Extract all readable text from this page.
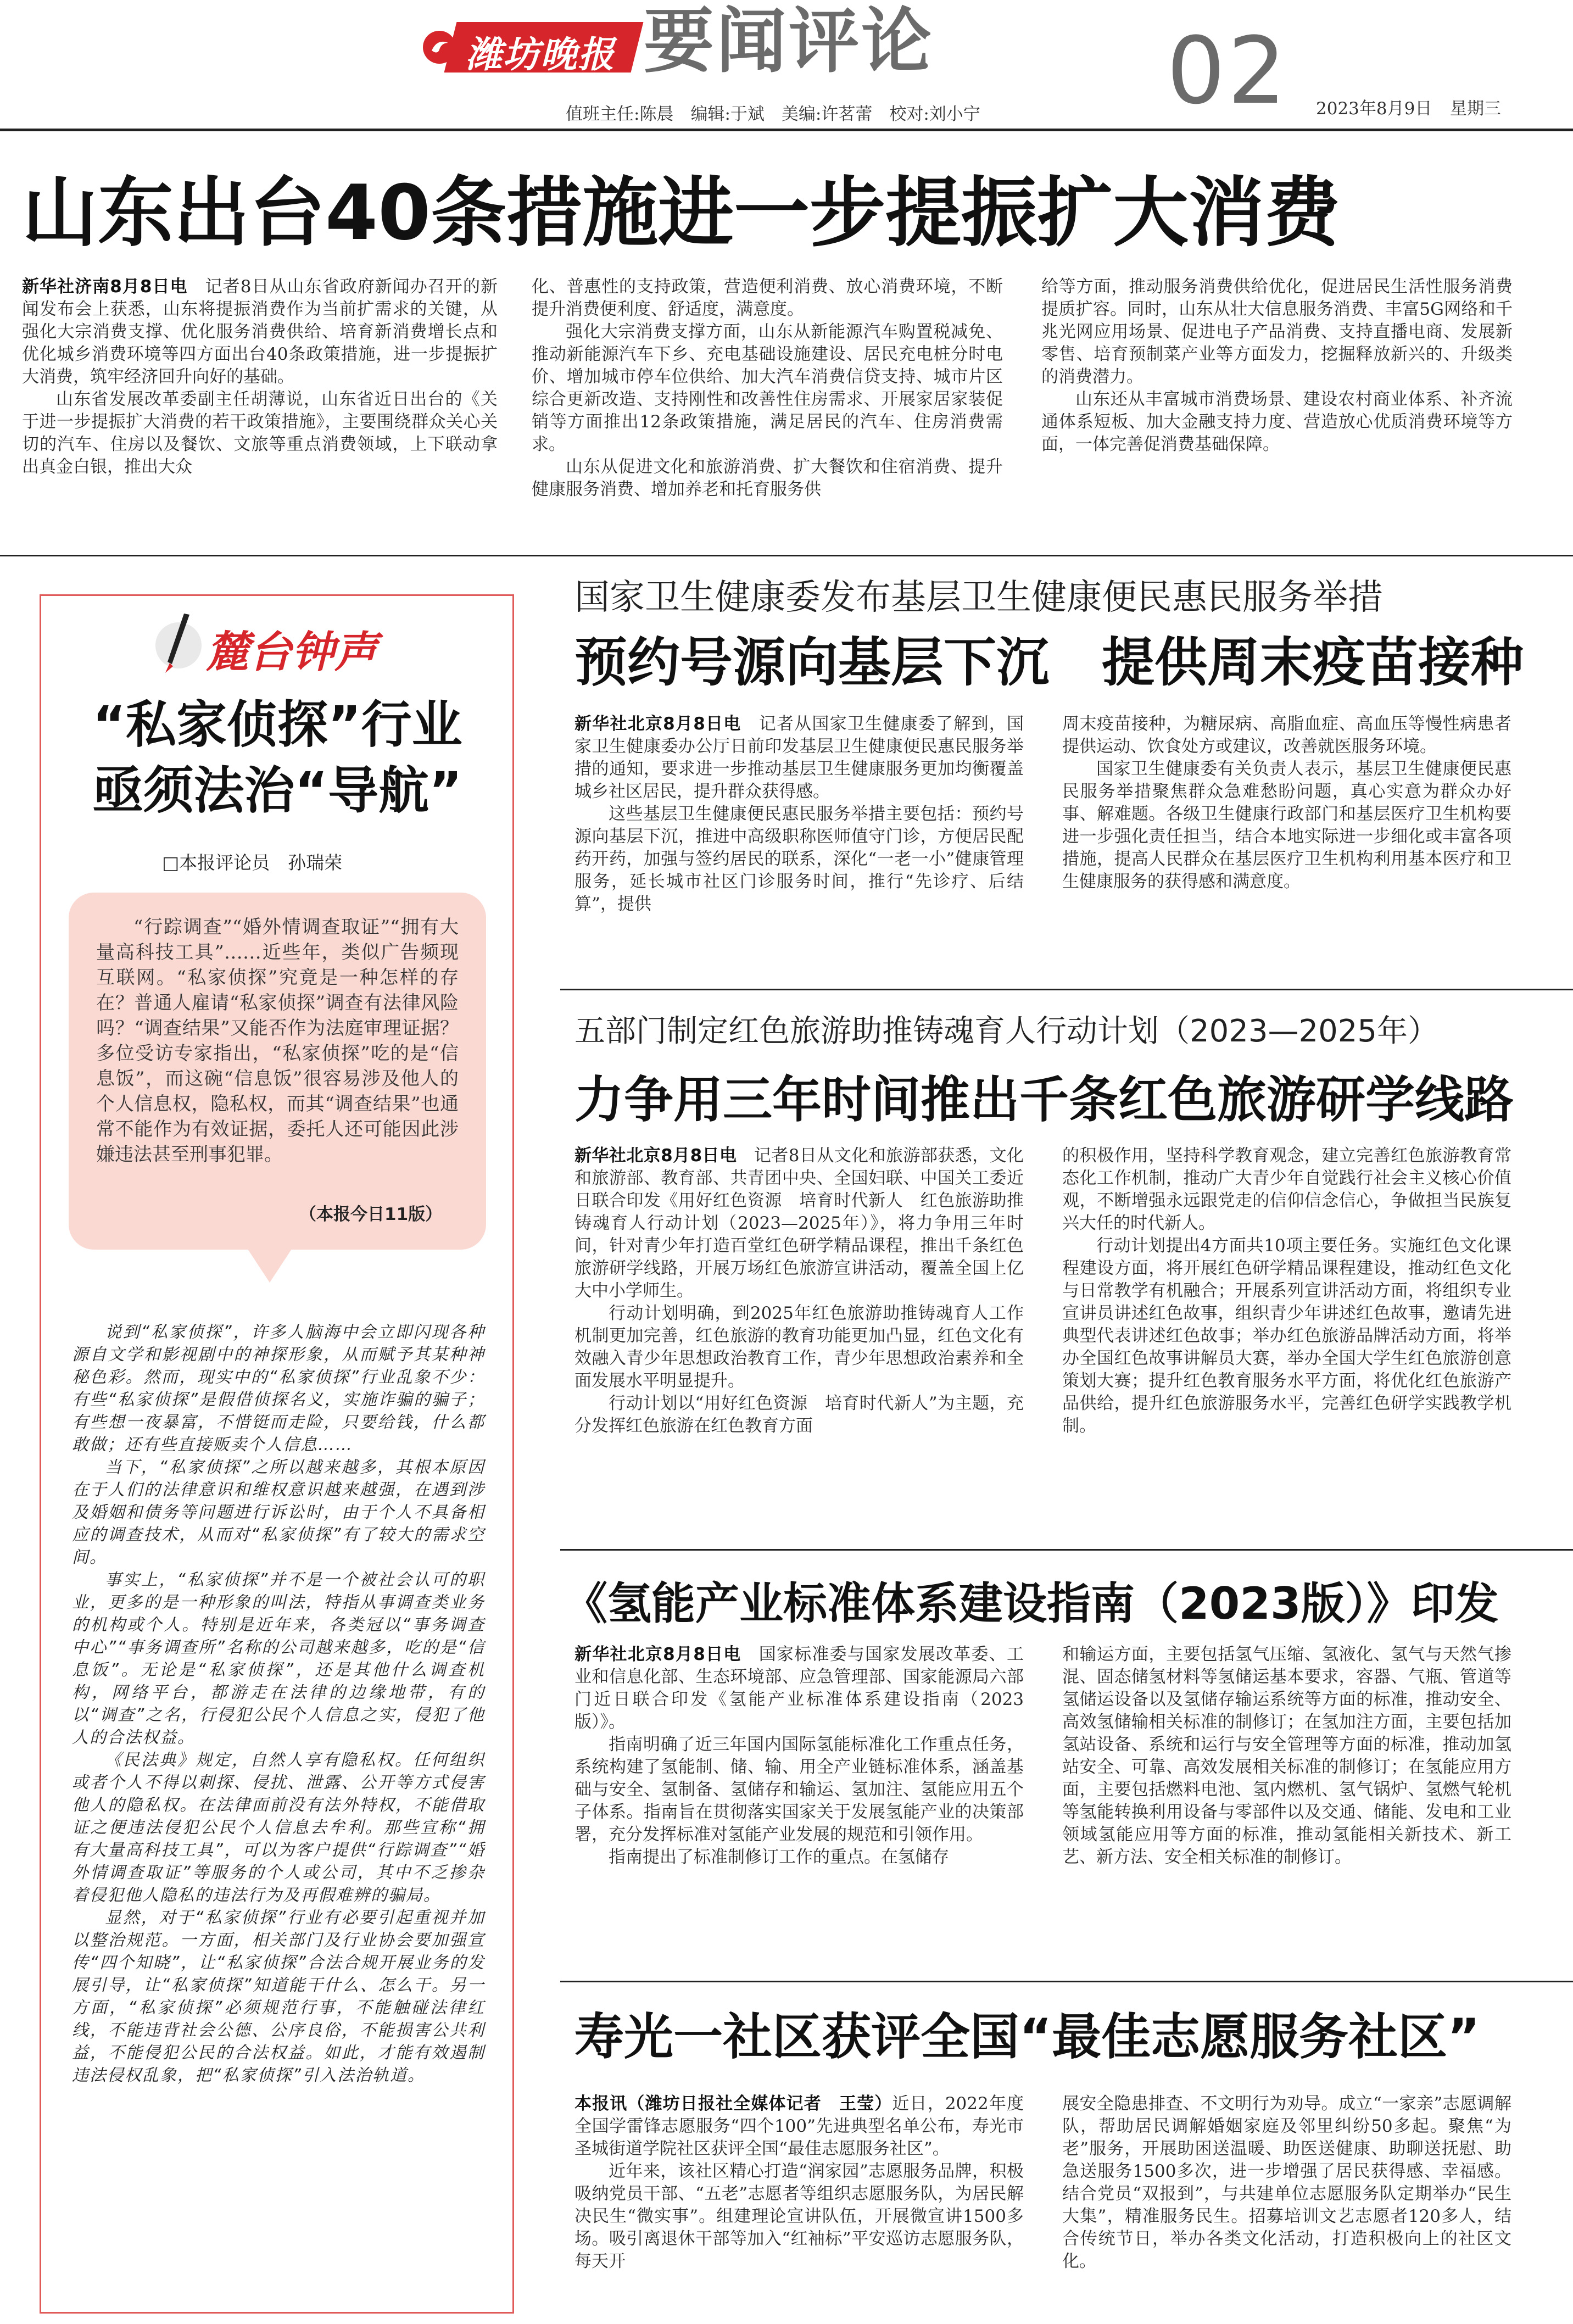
潍坊晚报 要闻评论	02
值班主任:陈晨　编辑:于斌　美编:许茗蕾　校对:刘小宁	2023年8月9日 星期三
山东出台40条措施进一步提振扩大消费

新华社济南8月8日电　 记者8日从山东省政府新闻办召开的新闻发布会上获悉，山东将提振消费作为当前扩需求的关键，从强化大宗消费支撑、优化服务消费供给、培育新消费增长点和优化城乡消费环境等四方面出台40条政策措施，进一步提振扩大消费，筑牢经济回升向好的基础。

山东省发展改革委副主任胡薄说，山东省近日出台的《关于进一步提振扩大消费的若干政策措施》，主要围绕群众关心关切的汽车、住房以及餐饮、文旅等重点消费领域，上下联动拿出真金白银，推出大众

化、普惠性的支持政策，营造便利消费、放心消费环境，不断提升消费便利度、舒适度，满意度。

强化大宗消费支撑方面，山东从新能源汽车购置税减免、推动新能源汽车下乡、充电基础设施建设、居民充电桩分时电价、增加城市停车位供给、加大汽车消费信贷支持、城市片区综合更新改造、支持刚性和改善性住房需求、开展家居家装促销等方面推出12条政策措施，满足居民的汽车、住房消费需求。

山东从促进文化和旅游消费、扩大餐饮和住宿消费、提升健康服务消费、增加养老和托育服务供

给等方面，推动服务消费供给优化，促进居民生活性服务消费提质扩容。同时，山东从壮大信息服务消费、丰富5G网络和千兆光网应用场景、促进电子产品消费、支持直播电商、发展新零售、培育预制菜产业等方面发力，挖掘释放新兴的、升级类的消费潜力。

山东还从丰富城市消费场景、建设农村商业体系、补齐流通体系短板、加大金融支持力度、营造放心优质消费环境等方面，一体完善促消费基础保障。

麓台钟声
“私家侦探”行业
亟须法治“导航”
□本报评论员　孙瑞荣
“行踪调查”“婚外情调查取证”“拥有大量高科技工具”……近些年，类似广告频现互联网。“私家侦探”究竟是一种怎样的存在？普通人雇请“私家侦探”调查有法律风险吗？“调查结果”又能否作为法庭审理证据？多位受访专家指出，“私家侦探”吃的是“信息饭”，而这碗“信息饭”很容易涉及他人的个人信息权，隐私权，而其“调查结果”也通常不能作为有效证据，委托人还可能因此涉嫌违法甚至刑事犯罪。
（本报今日11版）

说到“私家侦探”，许多人脑海中会立即闪现各种源自文学和影视剧中的神探形象，从而赋予其某种神秘色彩。然而，现实中的“私家侦探”行业乱象不少：有些“私家侦探”是假借侦探名义，实施诈骗的骗子；有些想一夜暴富，不惜铤而走险，只要给钱，什么都敢做；还有些直接贩卖个人信息……

当下，“私家侦探”之所以越来越多，其根本原因在于人们的法律意识和维权意识越来越强，在遇到涉及婚姻和债务等问题进行诉讼时，由于个人不具备相应的调查技术，从而对“私家侦探”有了较大的需求空间。

事实上，“私家侦探”并不是一个被社会认可的职业，更多的是一种形象的叫法，特指从事调查类业务的机构或个人。特别是近年来，各类冠以“事务调查中心”“事务调查所”名称的公司越来越多，吃的是“信息饭”。无论是“私家侦探”，还是其他什么调查机构，网络平台，都游走在法律的边缘地带，有的以“调查”之名，行侵犯公民个人信息之实，侵犯了他人的合法权益。

《民法典》规定，自然人享有隐私权。任何组织或者个人不得以刺探、侵扰、泄露、公开等方式侵害他人的隐私权。在法律面前没有法外特权，不能借取证之便违法侵犯公民个人信息去牟利。那些宣称“拥有大量高科技工具”，可以为客户提供“行踪调查”“婚外情调查取证”等服务的个人或公司，其中不乏掺杂着侵犯他人隐私的违法行为及再假难辨的骗局。

显然，对于“私家侦探”行业有必要引起重视并加以整治规范。一方面，相关部门及行业协会要加强宣传“四个知晓”，让“私家侦探”合法合规开展业务的发展引导，让“私家侦探”知道能干什么、怎么干。另一方面，“私家侦探”必须规范行事，不能触碰法律红线，不能违背社会公德、公序良俗，不能损害公共利益，不能侵犯公民的合法权益。如此，才能有效遏制违法侵权乱象，把“私家侦探”引入法治轨道。

国家卫生健康委发布基层卫生健康便民惠民服务举措
预约号源向基层下沉　提供周末疫苗接种

新华社北京8月8日电　 记者从国家卫生健康委了解到，国家卫生健康委办公厅日前印发基层卫生健康便民惠民服务举措的通知，要求进一步推动基层卫生健康服务更加均衡覆盖城乡社区居民，提升群众获得感。

这些基层卫生健康便民惠民服务举措主要包括：预约号源向基层下沉，推进中高级职称医师值守门诊，方便居民配药开药，加强与签约居民的联系，深化“一老一小”健康管理服务，延长城市社区门诊服务时间，推行“先诊疗、后结算”，提供

周末疫苗接种，为糖尿病、高脂血症、高血压等慢性病患者提供运动、饮食处方或建议，改善就医服务环境。

国家卫生健康委有关负责人表示，基层卫生健康便民惠民服务举措聚焦群众急难愁盼问题，真心实意为群众办好事、解难题。各级卫生健康行政部门和基层医疗卫生机构要进一步强化责任担当，结合本地实际进一步细化或丰富各项措施，提高人民群众在基层医疗卫生机构利用基本医疗和卫生健康服务的获得感和满意度。

五部门制定红色旅游助推铸魂育人行动计划（2023—2025年）
力争用三年时间推出千条红色旅游研学线路

新华社北京8月8日电　 记者8日从文化和旅游部获悉，文化和旅游部、教育部、共青团中央、全国妇联、中国关工委近日联合印发《用好红色资源　培育时代新人　红色旅游助推铸魂育人行动计划（2023—2025年）》，将力争用三年时间，针对青少年打造百堂红色研学精品课程，推出千条红色旅游研学线路，开展万场红色旅游宣讲活动，覆盖全国上亿大中小学师生。

行动计划明确，到2025年红色旅游助推铸魂育人工作机制更加完善，红色旅游的教育功能更加凸显，红色文化有效融入青少年思想政治教育工作，青少年思想政治素养和全面发展水平明显提升。

行动计划以“用好红色资源　培育时代新人”为主题，充分发挥红色旅游在红色教育方面

的积极作用，坚持科学教育观念，建立完善红色旅游教育常态化工作机制，推动广大青少年自觉践行社会主义核心价值观，不断增强永远跟党走的信仰信念信心，争做担当民族复兴大任的时代新人。

行动计划提出4方面共10项主要任务。实施红色文化课程建设方面，将开展红色研学精品课程建设，推动红色文化与日常教学有机融合；开展系列宣讲活动方面，将组织专业宣讲员讲述红色故事，组织青少年讲述红色故事，邀请先进典型代表讲述红色故事；举办红色旅游品牌活动方面，将举办全国红色故事讲解员大赛，举办全国大学生红色旅游创意策划大赛；提升红色教育服务水平方面，将优化红色旅游产品供给，提升红色旅游服务水平，完善红色研学实践教学机制。

《氢能产业标准体系建设指南（2023版）》印发

新华社北京8月8日电　 国家标准委与国家发展改革委、工业和信息化部、生态环境部、应急管理部、国家能源局六部门近日联合印发《氢能产业标准体系建设指南（2023版）》。

指南明确了近三年国内国际氢能标准化工作重点任务，系统构建了氢能制、储、输、用全产业链标准体系，涵盖基础与安全、氢制备、氢储存和输运、氢加注、氢能应用五个子体系。指南旨在贯彻落实国家关于发展氢能产业的决策部署，充分发挥标准对氢能产业发展的规范和引领作用。

指南提出了标准制修订工作的重点。在氢储存

和输运方面，主要包括氢气压缩、氢液化、氢气与天然气掺混、固态储氢材料等氢储运基本要求，容器、气瓶、管道等氢储运设备以及氢储存输运系统等方面的标准，推动安全、高效氢储输相关标准的制修订；在氢加注方面，主要包括加氢站设备、系统和运行与安全管理等方面的标准，推动加氢站安全、可靠、高效发展相关标准的制修订；在氢能应用方面，主要包括燃料电池、氢内燃机、氢气锅炉、氢燃气轮机等氢能转换利用设备与零部件以及交通、储能、发电和工业领域氢能应用等方面的标准，推动氢能相关新技术、新工艺、新方法、安全相关标准的制修订。

寿光一社区获评全国“最佳志愿服务社区”

本报讯（潍坊日报社全媒体记者　王莹）近日，2022年度全国学雷锋志愿服务“四个100”先进典型名单公布，寿光市圣城街道学院社区获评全国“最佳志愿服务社区”。

近年来，该社区精心打造“润家园”志愿服务品牌，积极吸纳党员干部、“五老”志愿者等组织志愿服务队，为居民解决民生“微实事”。组建理论宣讲队伍，开展微宣讲1500多场。吸引离退休干部等加入“红袖标”平安巡访志愿服务队，每天开

展安全隐患排查、不文明行为劝导。成立“一家亲”志愿调解队，帮助居民调解婚姻家庭及邻里纠纷50多起。聚焦“为老”服务，开展助困送温暖、助医送健康、助聊送抚慰、助急送服务1500多次，进一步增强了居民获得感、幸福感。结合党员“双报到”，与共建单位志愿服务队定期举办“民生大集”，精准服务民生。招募培训文艺志愿者120多人，结合传统节日，举办各类文化活动，打造积极向上的社区文化。
